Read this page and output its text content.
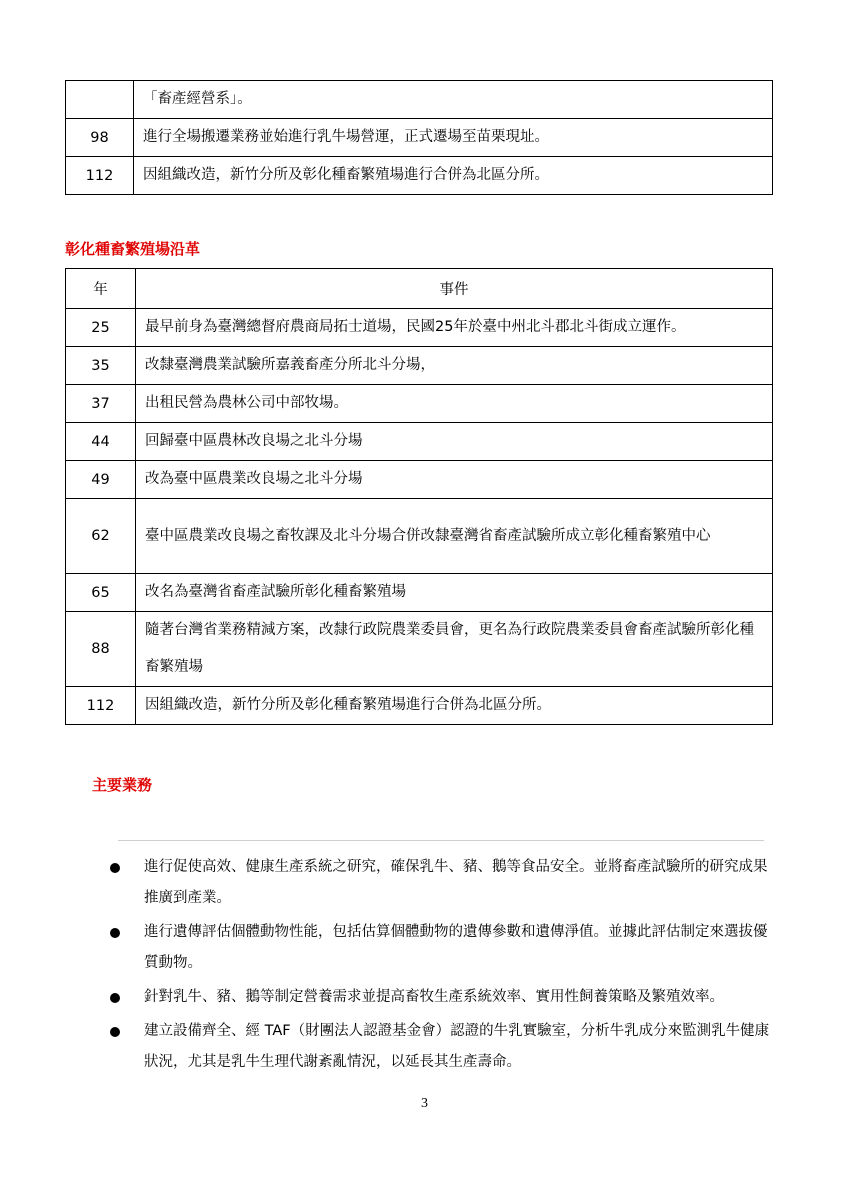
	「畜產經營系」。
98	進行全場搬遷業務並始進行乳牛場營運，正式遷場至苗栗現址。
112	因組織改造，新竹分所及彰化種畜繁殖場進行合併為北區分所。
彰化種畜繁殖場沿革
年	事件
25	最早前身為臺灣總督府農商局拓士道場，民國25年於臺中州北斗郡北斗街成立運作。
35	改隸臺灣農業試驗所嘉義畜產分所北斗分場，
37	出租民營為農林公司中部牧場。
44	回歸臺中區農林改良場之北斗分場
49	改為臺中區農業改良場之北斗分場
62	臺中區農業改良場之畜牧課及北斗分場合併改隸臺灣省畜產試驗所成立彰化種畜繁殖中心
65	改名為臺灣省畜產試驗所彰化種畜繁殖場
88	隨著台灣省業務精減方案，改隸行政院農業委員會，更名為行政院農業委員會畜產試驗所彰化種畜繁殖場
112	因組織改造，新竹分所及彰化種畜繁殖場進行合併為北區分所。
主要業務
進行促使高效、健康生產系統之研究，確保乳牛、豬、鵝等食品安全。並將畜產試驗所的研究成果推廣到產業。
進行遺傳評估個體動物性能，包括估算個體動物的遺傳參數和遺傳淨值。並據此評估制定來選拔優質動物。
針對乳牛、豬、鵝等制定營養需求並提高畜牧生產系統效率、實用性飼養策略及繁殖效率。
建立設備齊全、經 TAF（財團法人認證基金會）認證的牛乳實驗室，分析牛乳成分來監測乳牛健康狀況，尤其是乳牛生理代謝紊亂情況，以延長其生產壽命。
3
